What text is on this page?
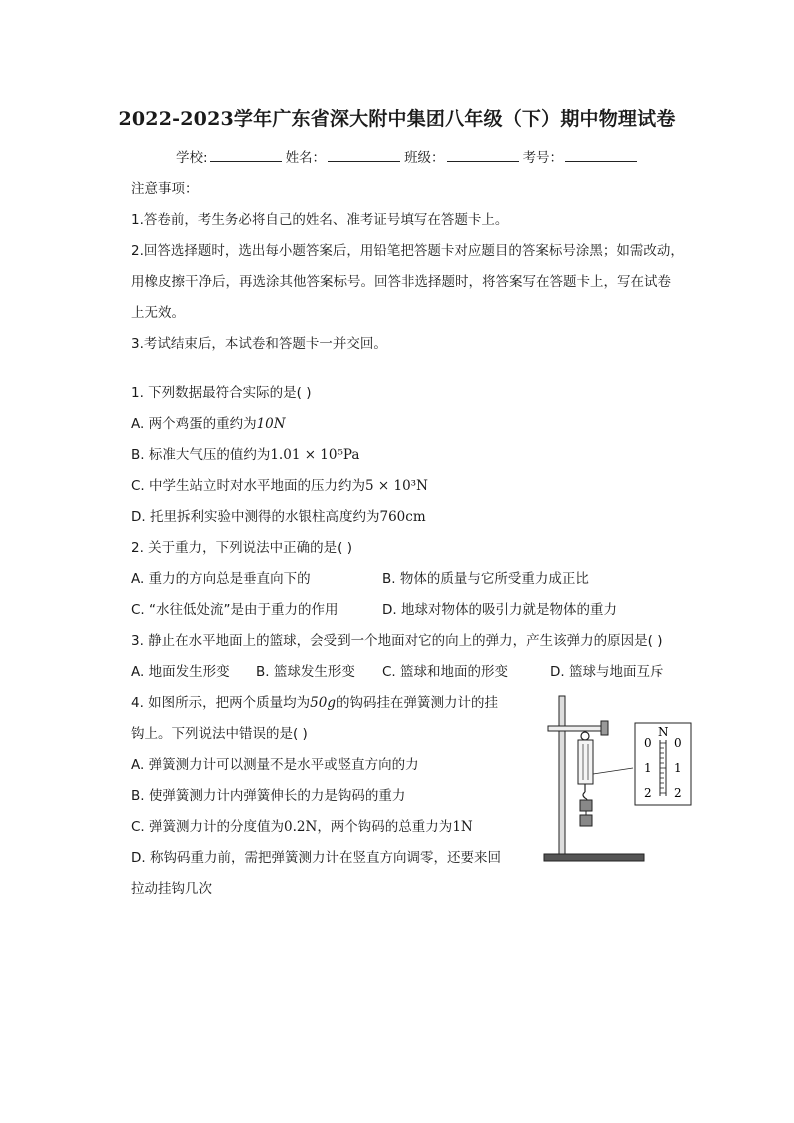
2022-2023学年广东省深大附中集团八年级（下）期中物理试卷
学校:	姓名：	班级：	考号：
注意事项：
1.答卷前，考生务必将自己的姓名、准考证号填写在答题卡上。
2.回答选择题时，选出每小题答案后，用铅笔把答题卡对应题目的答案标号涂黑；如需改动，
用橡皮擦干净后，再选涂其他答案标号。回答非选择题时，将答案写在答题卡上，写在试卷
上无效。
3.考试结束后，本试卷和答题卡一并交回。
1. 下列数据最符合实际的是( )
A. 两个鸡蛋的重约为10N
B. 标准大气压的值约为1.01 × 10⁵Pa
C. 中学生站立时对水平地面的压力约为5 × 10³N
D. 托里拆利实验中测得的水银柱高度约为760cm
2. 关于重力，下列说法中正确的是( )
A. 重力的方向总是垂直向下的	B. 物体的质量与它所受重力成正比
C. “水往低处流”是由于重力的作用	D. 地球对物体的吸引力就是物体的重力
3. 静止在水平地面上的篮球，会受到一个地面对它的向上的弹力，产生该弹力的原因是( )
A. 地面发生形变 B. 篮球发生形变 C. 篮球和地面的形变	D. 篮球与地面互斥
4. 如图所示，把两个质量均为50g的钩码挂在弹簧测力计的挂
钩上。下列说法中错误的是( )
A. 弹簧测力计可以测量不是水平或竖直方向的力
B. 使弹簧测力计内弹簧伸长的力是钩码的重力
C. 弹簧测力计的分度值为0.2N，两个钩码的总重力为1N
D. 称钩码重力前，需把弹簧测力计在竖直方向调零，还要来回
拉动挂钩几次
N
0
1
2
0
1
2
